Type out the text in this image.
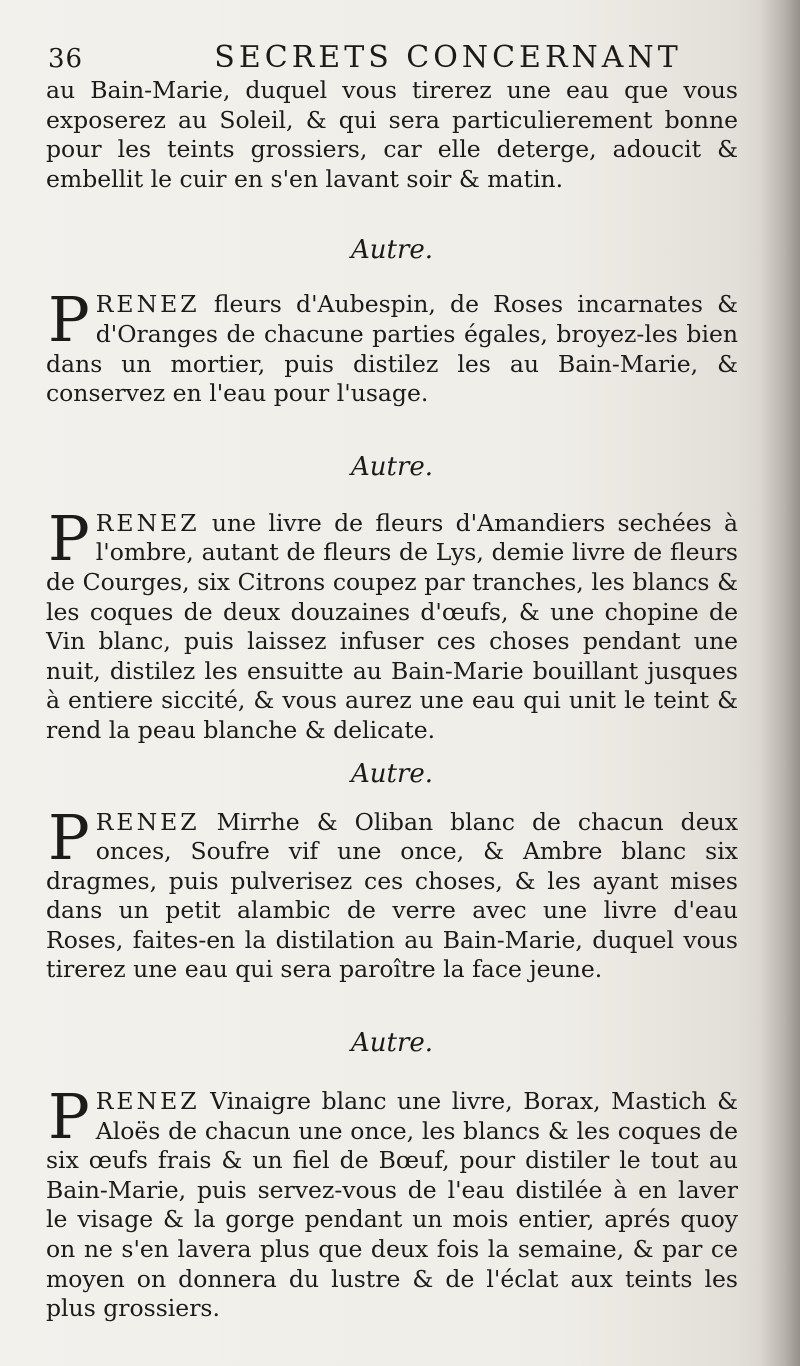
36	SECRETS CONCERNANT

au Bain-Marie, duquel vous tirerez une eau que vous exposerez au Soleil, & qui sera particulierement bonne pour les teints grossiers, car elle deterge, adoucit & embellit le cuir en s'en lavant soir & matin.

Autre.

PRENEZ fleurs d'Aubespin, de Roses incarnates & d'Oranges de chacune parties égales, broyez-les bien dans un mortier, puis distilez les au Bain-Marie, & conservez en l'eau pour l'usage.

Autre.

PRENEZ une livre de fleurs d'Amandiers sechées à l'ombre, autant de fleurs de Lys, demie livre de fleurs de Courges, six Citrons coupez par tranches, les blancs & les coques de deux douzaines d'œufs, & une chopine de Vin blanc, puis laissez infuser ces choses pendant une nuit, distilez les ensuitte au Bain-Marie bouillant jusques à entiere siccité, & vous aurez une eau qui unit le teint & rend la peau blanche & delicate.

Autre.

PRENEZ Mirrhe & Oliban blanc de chacun deux onces, Soufre vif une once, & Ambre blanc six dragmes, puis pulverisez ces choses, & les ayant mises dans un petit alambic de verre avec une livre d'eau Roses, faites-en la distilation au Bain-Marie, duquel vous tirerez une eau qui sera paroître la face jeune.

Autre.

PRENEZ Vinaigre blanc une livre, Borax, Mastich & Aloës de chacun une once, les blancs & les coques de six œufs frais & un fiel de Bœuf, pour distiler le tout au Bain-Marie, puis servez-vous de l'eau distilée à en laver le visage & la gorge pendant un mois entier, aprés quoy on ne s'en lavera plus que deux fois la semaine, & par ce moyen on donnera du lustre & de l'éclat aux teints les plus grossiers.
